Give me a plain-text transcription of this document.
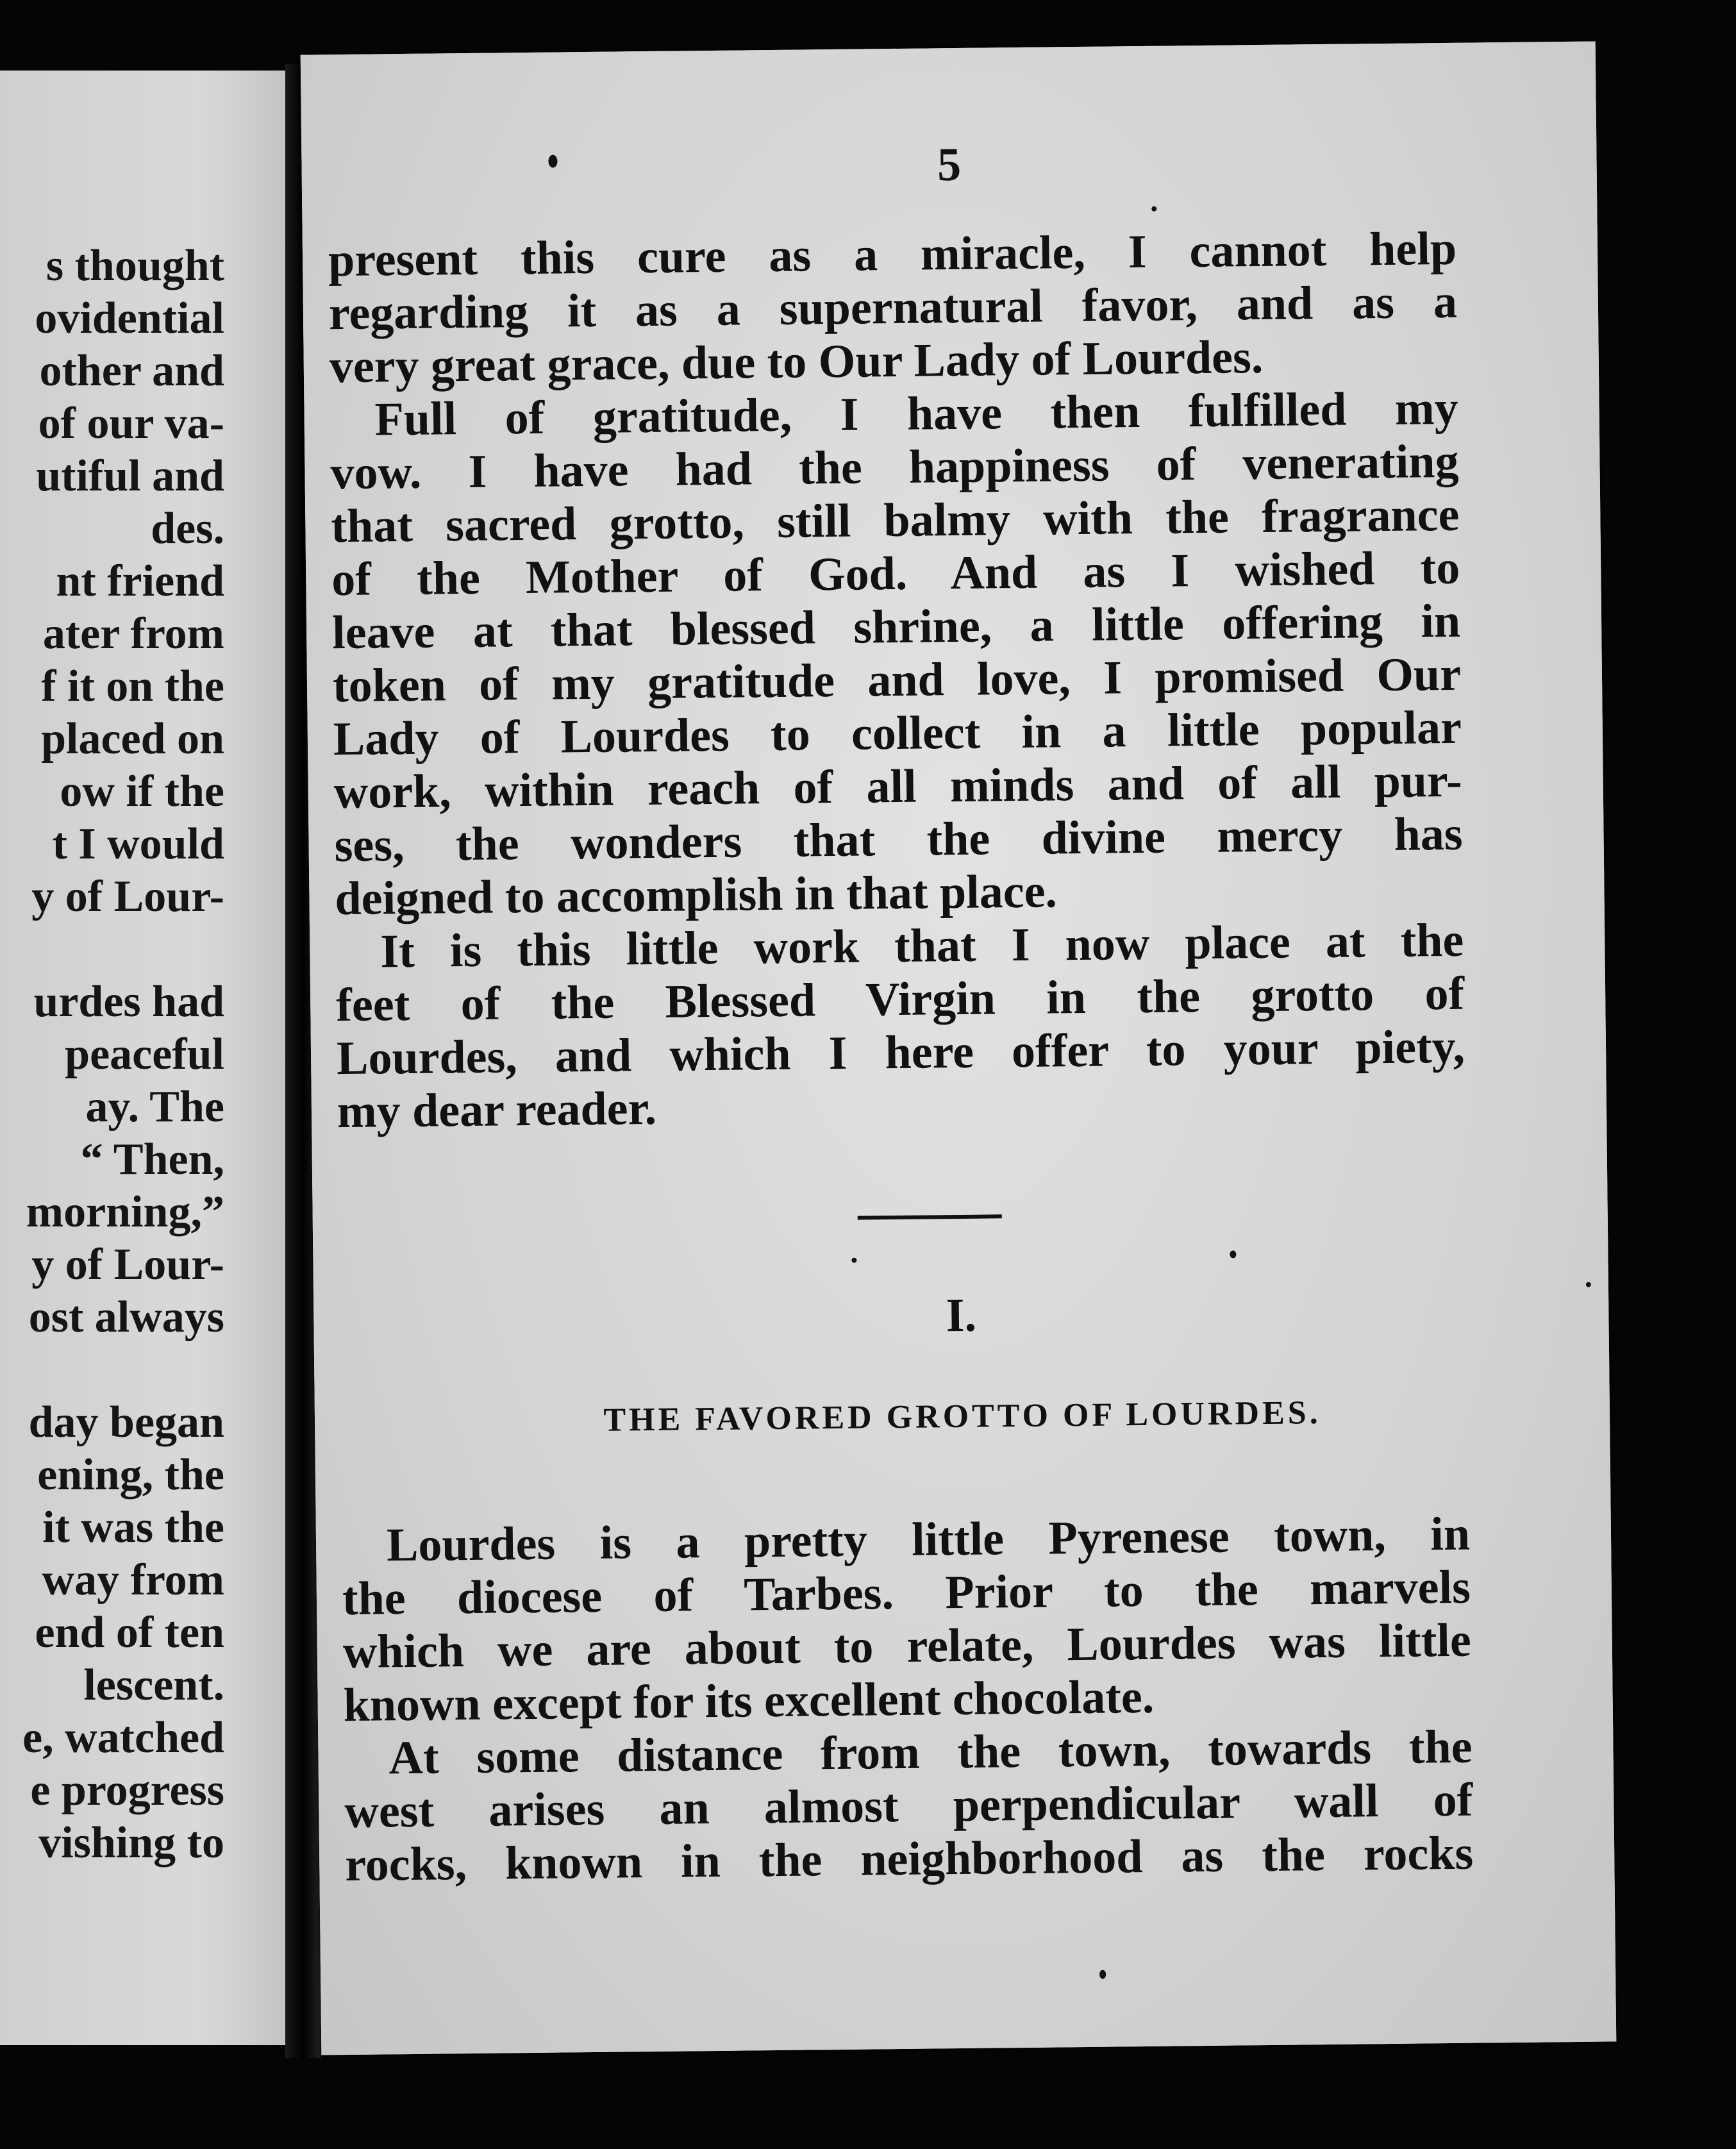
s thought
ovidential
other and
of our va-
utiful and
des.
nt friend
ater from
f it on the
placed on
ow if the
t I would
y of Lour-
urdes had
peaceful
ay. The
“ Then,
morning,”
y of Lour-
ost always
day began
ening, the
it was the
way from
end of ten
lescent.
e, watched
e progress
vishing to
5
present this cure as a miracle, I cannot help
regarding it as a supernatural favor, and as a
very great grace, due to Our Lady of Lourdes.
Full of gratitude, I have then fulfilled my
vow. I have had the happiness of venerating
that sacred grotto, still balmy with the fragrance
of the Mother of God. And as I wished to
leave at that blessed shrine, a little offering in
token of my gratitude and love, I promised Our
Lady of Lourdes to collect in a little popular
work, within reach of all minds and of all pur-
ses, the wonders that the divine mercy has
deigned to accomplish in that place.
It is this little work that I now place at the
feet of the Blessed Virgin in the grotto of
Lourdes, and which I here offer to your piety,
my dear reader.
I.
THE FAVORED GROTTO OF LOURDES.
Lourdes is a pretty little Pyrenese town, in
the diocese of Tarbes. Prior to the marvels
which we are about to relate, Lourdes was little
known except for its excellent chocolate.
At some distance from the town, towards the
west arises an almost perpendicular wall of
rocks, known in the neighborhood as the rocks
